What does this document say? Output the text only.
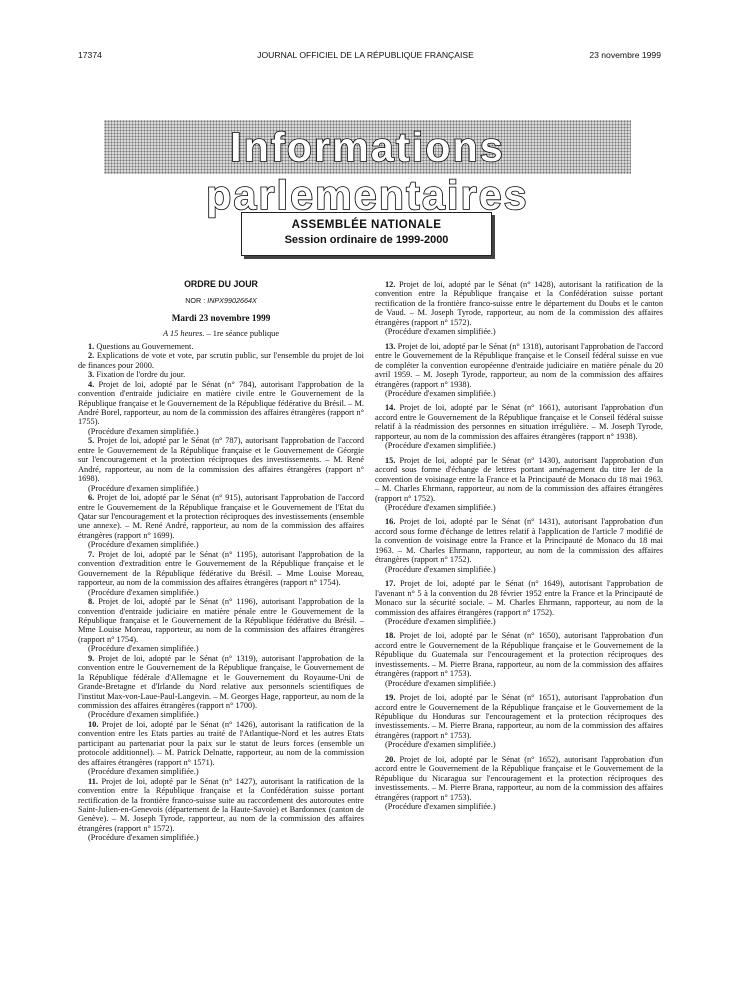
17374	JOURNAL OFFICIEL DE LA RÉPUBLIQUE FRANÇAISE	23 novembre 1999
Informations parlementaires
ASSEMBLÉE NATIONALE
Session ordinaire de 1999-2000
ORDRE DU JOUR
NOR : INPX9902664X
Mardi 23 novembre 1999
A 15 heures. – 1re séance publique

1. Questions au Gouvernement.

2. Explications de vote et vote, par scrutin public, sur l'ensemble du projet de loi de finances pour 2000.

3. Fixation de l'ordre du jour.

4. Projet de loi, adopté par le Sénat (n° 784), autorisant l'approbation de la convention d'entraide judiciaire en matière civile entre le Gouvernement de la République française et le Gouvernement de la République fédérative du Brésil. – M. André Borel, rapporteur, au nom de la commission des affaires étrangères (rapport n° 1755).

(Procédure d'examen simplifiée.)

5. Projet de loi, adopté par le Sénat (n° 787), autorisant l'approbation de l'accord entre le Gouvernement de la République française et le Gouvernement de Géorgie sur l'encouragement et la protection réciproques des investissements. – M. René André, rapporteur, au nom de la commission des affaires étrangères (rapport n° 1698).

(Procédure d'examen simplifiée.)

6. Projet de loi, adopté par le Sénat (n° 915), autorisant l'approbation de l'accord entre le Gouvernement de la République française et le Gouvernement de l'Etat du Qatar sur l'encouragement et la protection réciproques des investissements (ensemble une annexe). – M. René André, rapporteur, au nom de la commission des affaires étrangères (rapport n° 1699).

(Procédure d'examen simplifiée.)

7. Projet de loi, adopté par le Sénat (n° 1195), autorisant l'approbation de la convention d'extradition entre le Gouvernement de la République française et le Gouvernement de la République fédérative du Brésil. – Mme Louise Moreau, rapporteur, au nom de la commission des affaires étrangères (rapport n° 1754).

(Procédure d'examen simplifiée.)

8. Projet de loi, adopté par le Sénat (n° 1196), autorisant l'approbation de la convention d'entraide judiciaire en matière pénale entre le Gouvernement de la République française et le Gouvernement de la République fédérative du Brésil. – Mme Louise Moreau, rapporteur, au nom de la commission des affaires étrangères (rapport n° 1754).

(Procédure d'examen simplifiée.)

9. Projet de loi, adopté par le Sénat (n° 1319), autorisant l'approbation de la convention entre le Gouvernement de la République française, le Gouvernement de la République fédérale d'Allemagne et le Gouvernement du Royaume-Uni de Grande-Bretagne et d'Irlande du Nord relative aux personnels scientifiques de l'institut Max-von-Laue-Paul-Langevin. – M. Georges Hage, rapporteur, au nom de la commission des affaires étrangères (rapport n° 1700).

(Procédure d'examen simplifiée.)

10. Projet de loi, adopté par le Sénat (n° 1426), autorisant la ratification de la convention entre les Etats parties au traité de l'Atlantique-Nord et les autres Etats participant au partenariat pour la paix sur le statut de leurs forces (ensemble un protocole additionnel). – M. Patrick Delnatte, rapporteur, au nom de la commission des affaires étrangères (rapport n° 1571).

(Procédure d'examen simplifiée.)

11. Projet de loi, adopté par le Sénat (n° 1427), autorisant la ratification de la convention entre la République française et la Confédération suisse portant rectification de la frontière franco-suisse suite au raccordement des autoroutes entre Saint-Julien-en-Genevois (département de la Haute-Savoie) et Bardonnex (canton de Genève). – M. Joseph Tyrode, rapporteur, au nom de la commission des affaires étrangères (rapport n° 1572).

(Procédure d'examen simplifiée.)

12. Projet de loi, adopté par le Sénat (n° 1428), autorisant la ratification de la convention entre la République française et la Confédération suisse portant rectification de la frontière franco-suisse entre le département du Doubs et le canton de Vaud. – M. Joseph Tyrode, rapporteur, au nom de la commission des affaires étrangères (rapport n° 1572).

(Procédure d'examen simplifiée.)

13. Projet de loi, adopté par le Sénat (n° 1318), autorisant l'approbation de l'accord entre le Gouvernement de la République française et le Conseil fédéral suisse en vue de compléter la convention européenne d'entraide judiciaire en matière pénale du 20 avril 1959. – M. Joseph Tyrode, rapporteur, au nom de la commission des affaires étrangères (rapport n° 1938).

(Procédure d'examen simplifiée.)

14. Projet de loi, adopté par le Sénat (n° 1661), autorisant l'approbation d'un accord entre le Gouvernement de la République française et le Conseil fédéral suisse relatif à la réadmission des personnes en situation irrégulière. – M. Joseph Tyrode, rapporteur, au nom de la commission des affaires étrangères (rapport n° 1938).

(Procédure d'examen simplifiée.)

15. Projet de loi, adopté par le Sénat (n° 1430), autorisant l'approbation d'un accord sous forme d'échange de lettres portant aménagement du titre Ier de la convention de voisinage entre la France et la Principauté de Monaco du 18 mai 1963. – M. Charles Ehrmann, rapporteur, au nom de la commission des affaires étrangères (rapport n° 1752).

(Procédure d'examen simplifiée.)

16. Projet de loi, adopté par le Sénat (n° 1431), autorisant l'approbation d'un accord sous forme d'échange de lettres relatif à l'application de l'article 7 modifié de la convention de voisinage entre la France et la Principauté de Monaco du 18 mai 1963. – M. Charles Ehrmann, rapporteur, au nom de la commission des affaires étrangères (rapport n° 1752).

(Procédure d'examen simplifiée.)

17. Projet de loi, adopté par le Sénat (n° 1649), autorisant l'approbation de l'avenant n° 5 à la convention du 28 février 1952 entre la France et la Principauté de Monaco sur la sécurité sociale. – M. Charles Ehrmann, rapporteur, au nom de la commission des affaires étrangères (rapport n° 1752).

(Procédure d'examen simplifiée.)

18. Projet de loi, adopté par le Sénat (n° 1650), autorisant l'approbation d'un accord entre le Gouvernement de la République française et le Gouvernement de la République du Guatemala sur l'encouragement et la protection réciproques des investissements. – M. Pierre Brana, rapporteur, au nom de la commission des affaires étrangères (rapport n° 1753).

(Procédure d'examen simplifiée.)

19. Projet de loi, adopté par le Sénat (n° 1651), autorisant l'approbation d'un accord entre le Gouvernement de la République française et le Gouvernement de la République du Honduras sur l'encouragement et la protection réciproques des investissements. – M. Pierre Brana, rapporteur, au nom de la commission des affaires étrangères (rapport n° 1753).

(Procédure d'examen simplifiée.)

20. Projet de loi, adopté par le Sénat (n° 1652), autorisant l'approbation d'un accord entre le Gouvernement de la République française et le Gouvernement de la République du Nicaragua sur l'encouragement et la protection réciproques des investissements. – M. Pierre Brana, rapporteur, au nom de la commission des affaires étrangères (rapport n° 1753).

(Procédure d'examen simplifiée.)
